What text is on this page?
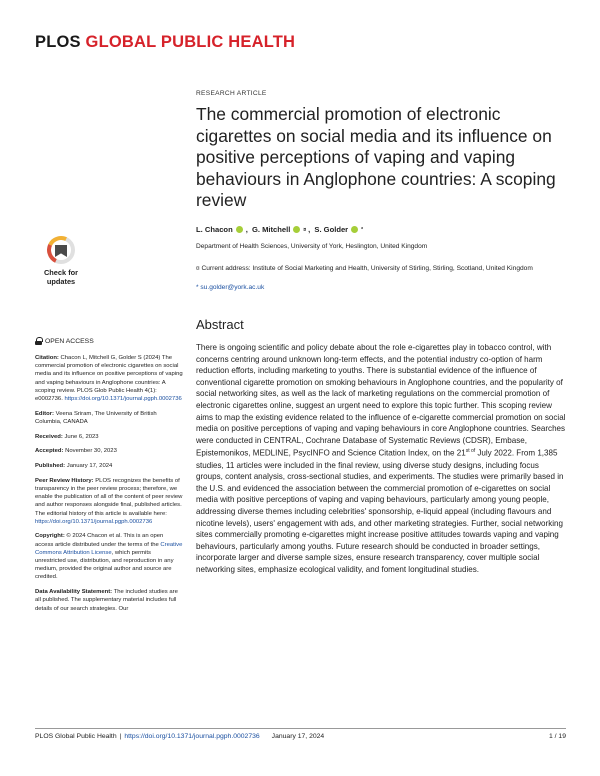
PLOS GLOBAL PUBLIC HEALTH
RESEARCH ARTICLE
The commercial promotion of electronic cigarettes on social media and its influence on positive perceptions of vaping and vaping behaviours in Anglophone countries: A scoping review
L. Chacon , G. Mitchell	¤ , S. Golder	*
Department of Health Sciences, University of York, Heslington, United Kingdom
¤ Current address: Institute of Social Marketing and Health, University of Stirling, Stirling, Scotland, United Kingdom
* su.golder@york.ac.uk
Check for
updates
OPEN ACCESS

Citation: Chacon L, Mitchell G, Golder S (2024) The commercial promotion of electronic cigarettes on social media and its influence on positive perceptions of vaping and vaping behaviours in Anglophone countries: A scoping review. PLOS Glob Public Health 4(1): e0002736. https://doi.org/10.1371/journal.pgph.0002736

Editor: Veena Sriram, The University of British Columbia, CANADA

Received: June 6, 2023

Accepted: November 30, 2023

Published: January 17, 2024

Peer Review History: PLOS recognizes the benefits of transparency in the peer review process; therefore, we enable the publication of all of the content of peer review and author responses alongside final, published articles. The editorial history of this article is available here: https://doi.org/10.1371/journal.pgph.0002736

Copyright: © 2024 Chacon et al. This is an open access article distributed under the terms of the Creative Commons Attribution License, which permits unrestricted use, distribution, and reproduction in any medium, provided the original author and source are credited.

Data Availability Statement: The included studies are all published. The supplementary material includes full details of our search strategies. Our

Abstract
There is ongoing scientific and policy debate about the role e-cigarettes play in tobacco control, with concerns centring around unknown long-term effects, and the potential industry co-option of harm reduction efforts, including marketing to youths. There is substantial evidence of the influence of conventional cigarette promotion on smoking behaviours in Anglophone countries, and the popularity of social networking sites, as well as the lack of marketing regulations on the commercial promotion of electronic cigarettes online, suggest an urgent need to explore this topic further. This scoping review aims to map the existing evidence related to the influence of e-cigarette commercial promotion on social media on positive perceptions of vaping and vaping behaviours in core Anglophone countries. Searches were conducted in CENTRAL, Cochrane Database of Systematic Reviews (CDSR), Embase, Epistemonikos, MEDLINE, PsycINFO and Science Citation Index, on the $21^{st of}$ July 2022. From 1,385 studies, 11 articles were included in the final review, using diverse study designs, including focus groups, content analysis, cross-sectional studies, and experiments. The studies were primarily based in the U.S. and evidenced the association between the commercial promotion of e-cigarettes on social media with positive perceptions of vaping and vaping behaviours, particularly among young people, addressing diverse themes including celebrities' sponsorship, e-liquid appeal (including flavours and nicotine levels), users' engagement with ads, and other marketing strategies. Further, social networking sites commercially promoting e-cigarettes might increase positive attitudes towards vaping and vaping behaviours, particularly among youths. Future research should be conducted in broader settings, incorporate larger and diverse sample sizes, ensure research transparency, cover multiple social networking sites, emphasize ecological validity, and foment longitudinal studies.
PLOS Global Public Health | https://doi.org/10.1371/journal.pgph.0002736 January 17, 2024	1 / 19
